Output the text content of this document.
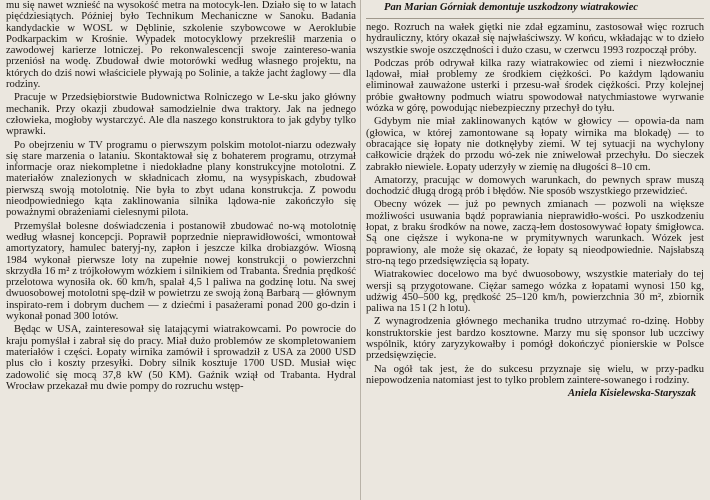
mu się nawet wznieść na wysokość metra na motocyk-len. Działo się to w latach pięćdziesiątych. Później było Technikum Mechaniczne w Sanoku. Badania kandydackie w WOSL w Dęblinie, szkolenie szybowcowe w Aeroklubie Podkarpackim w Krośnie. Wypadek motocyklowy przekreślił marzenia o zawodowej karierze lotniczej. Po rekonwalescencji swoje zaintereso-wania przeniósł na wodę. Zbudował dwie motorówki według własnego projektu, na których do dziś nowi właściciele pływają po Solinie, a także jacht żaglowy — dla rodziny.

Pracuje w Przedsiębiorstwie Budownictwa Rolniczego w Le-sku jako główny mechanik. Przy okazji zbudował samodzielnie dwa traktory. Jak na jednego człowieka, mogłoby wystarczyć. Ale dla naszego konstruktora to jak gdyby tylko wprawki.

Po obejrzeniu w TV programu o pierwszym polskim motolot-niarzu odezwały się stare marzenia o lataniu. Skontaktował się z bohaterem programu, otrzymał informacje oraz niekompletne i niedokładne plany konstrukcyjne motolotni. Z materiałów znalezionych w składnicach złomu, na wysypiskach, zbudował pierwszą swoją motolotnię. Nie była to zbyt udana konstrukcja. Z powodu nieodpowiedniego kąta zaklinowania silnika lądowa-nie zakończyło się poważnymi obrażeniami cielesnymi pilota.

Przemyślał bolesne doświadczenia i postanowił zbudować no-wą motolotnię według własnej koncepcji. Poprawił poprzednie nieprawidłowości, wmontował amortyzatory, hamulec bateryj-ny, zapłon i jeszcze kilka drobiazgów. Wiosną 1984 wykonał pierwsze loty na zupełnie nowej konstrukcji o powierzchni skrzydła 16 m² z trójkołowym wózkiem i silnikiem od Trabanta. Średnia prędkość przelotowa wynosiła ok. 60 km/h, spalał 4,5 l paliwa na godzinę lotu. Na swej dwuosobowej motolotni spę-dził w powietrzu ze swoją żoną Barbarą — głównym inspirato-rem i dobrym duchem — z dziećmi i pasażerami ponad 200 go-dzin i wykonał ponad 300 lotów.

Będąc w USA, zainteresował się latającymi wiatrakowcami. Po powrocie do kraju pomyślał i zabrał się do pracy. Miał dużo problemów ze skompletowaniem materiałów i części. Łopaty wirnika zamówił i sprowadził z USA za 2000 USD plus cło i koszty przesyłki. Dobry silnik kosztuje 1700 USD. Musiał więc zadowolić się mocą 37,8 kW (50 KM). Gaźnik wziął od Trabanta. Hydral Wrocław przekazał mu dwie pompy do rozruchu wstęp-

Pan Marian Górniak demontuje uszkodzony wiatrakowiec

nego. Rozruch na wałek giętki nie zdał egzaminu, zastosował więc rozruch hydrauliczny, który okazał się najwłaściwszy. W końcu, wkładając w to dzieło wszystkie swoje oszczędności i dużo czasu, w czerwcu 1993 rozpoczął próby.

Podczas prób odrywał kilka razy wiatrakowiec od ziemi i niezwłocznie lądował, miał problemy ze środkiem ciężkości. Po każdym lądowaniu eliminował zauważone usterki i przesu-wał środek ciężkości. Przy kolejnej próbie gwałtowny podmuch wiatru spowodował natychmiastowe wyrwanie wózka w górę, powodując niebezpieczny przechył do tyłu.

Gdybym nie miał zaklinowanych kątów w głowicy — opowia-da nam (głowica, w której zamontowane są łopaty wirnika ma blokadę) — to obracające się łopaty nie dotknęłyby ziemi. W tej sytuacji na wychylony całkowicie drążek do przodu wó-zek nie zniwelował przechyłu. Do sieczek zabrakło niewiele. Łopaty uderzyły w ziemię na długości 8–10 cm.

Amatorzy, pracując w domowych warunkach, do pewnych spraw muszą dochodzić długą drogą prób i błędów. Nie sposób wszystkiego przewidzieć.

Obecny wózek — już po pewnych zmianach — pozwoli na większe możliwości usuwania bądź poprawiania nieprawidło-wości. Po uszkodzeniu łopat, z braku środków na nowe, zaczą-łem dostosowywać łopaty śmigłowca. Są one cięższe i wykona-ne w prymitywnych warunkach. Wózek jest poprawiony, ale może się okazać, że łopaty są nieodpowiednie. Najsłabszą stro-ną tego przedsięwzięcia są łopaty.

Wiatrakowiec docelowo ma być dwuosobowy, wszystkie materiały do tej wersji są przygotowane. Ciężar samego wózka z łopatami wynosi 150 kg, udźwig 450–500 kg, prędkość 25–120 km/h, powierzchnia 30 m², zbiornik paliwa na 15 l (2 h lotu).

Z wynagrodzenia głównego mechanika trudno utrzymać ro-dzinę. Hobby konstruktorskie jest bardzo kosztowne. Marzy mu się sponsor lub uczciwy wspólnik, który zaryzykowałby i pomógł dokończyć pionierskie w Polsce przedsięwzięcie.

Na ogół tak jest, że do sukcesu przyznaje się wielu, w przy-padku niepowodzenia natomiast jest to tylko problem zaintere-sowanego i rodziny.

Aniela Kisielewska-Staryszak
